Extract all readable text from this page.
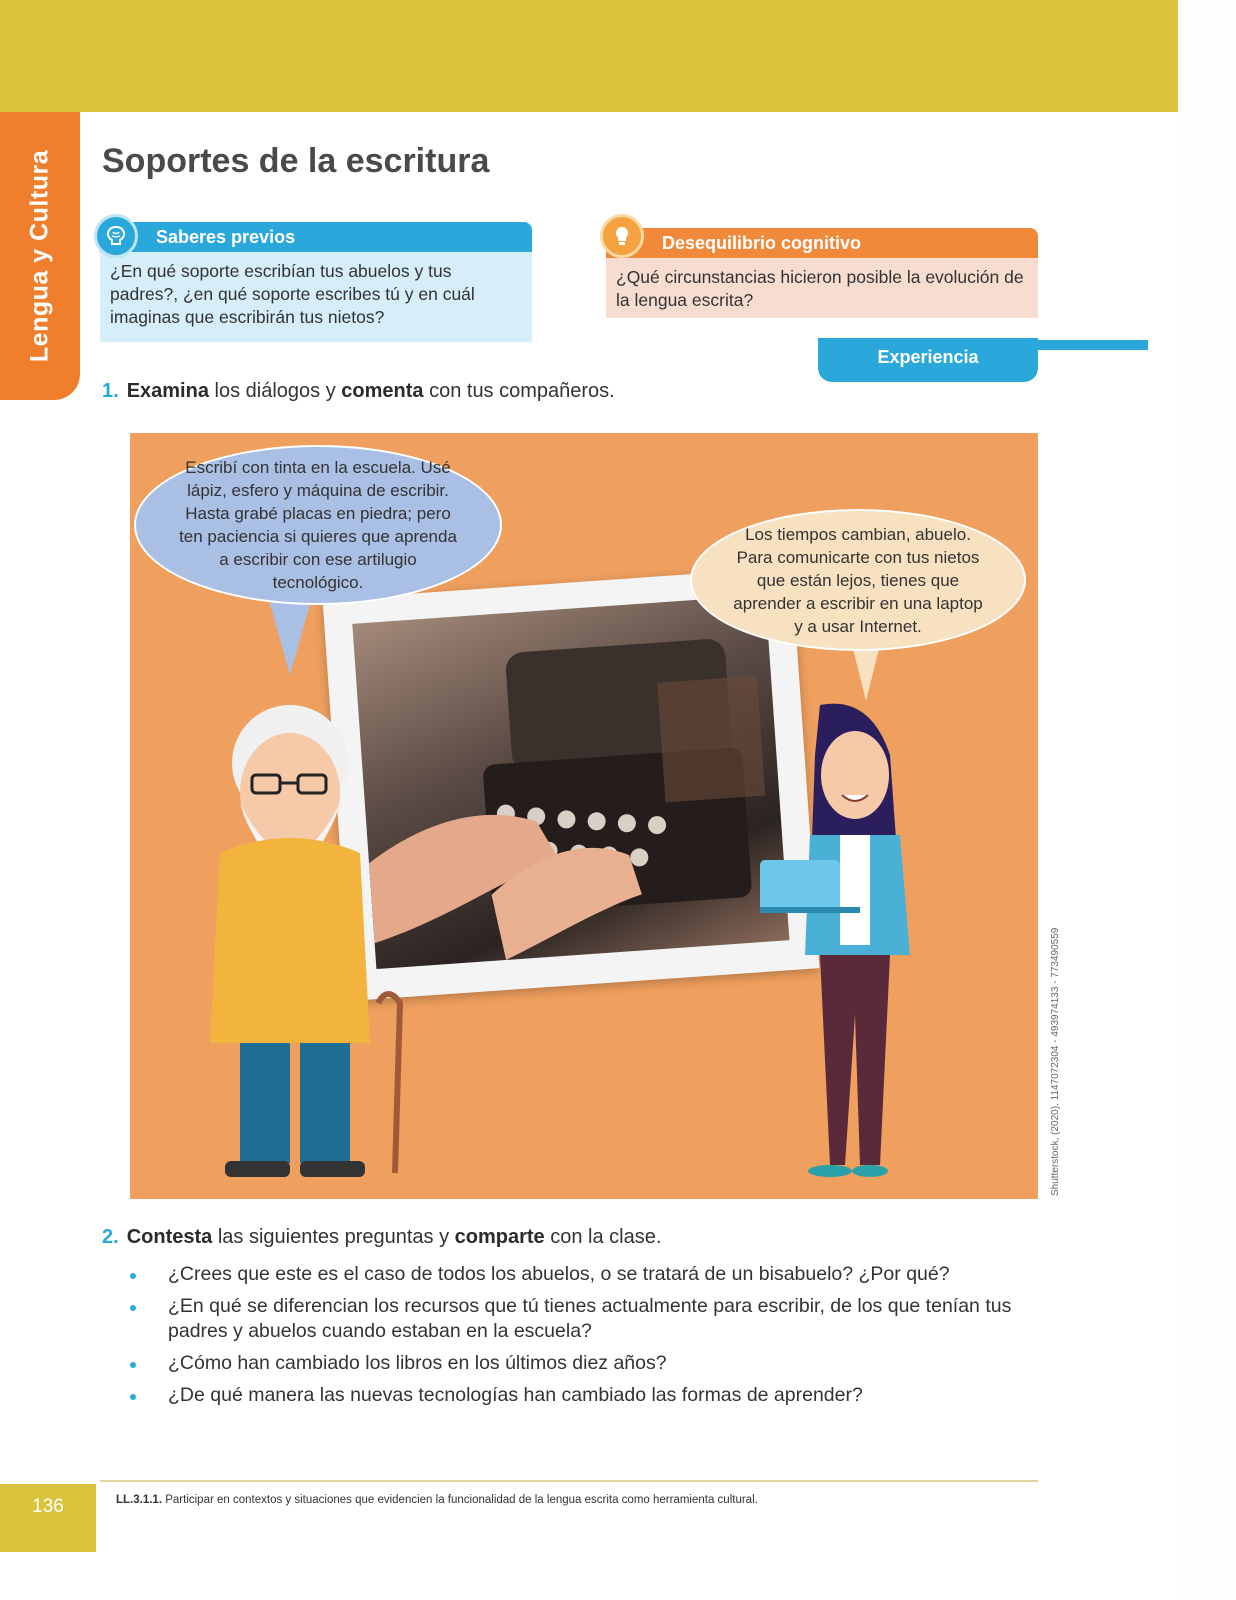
Lengua y Cultura Soportes de la escritura
Saberes previos
¿En qué soporte escribían tus abuelos y tus padres?, ¿en qué soporte escribes tú y en cuál imaginas que escribirán tus nietos?
Desequilibrio cognitivo
¿Qué circunstancias hicieron posible la evolución de la lengua escrita?
Experiencia
1. Examina los diálogos y comenta con tus compañeros.
Escribí con tinta en la escuela. Usé lápiz, esfero y máquina de escribir. Hasta grabé placas en piedra; pero ten paciencia si quieres que aprenda a escribir con ese artilugio tecnológico.
Los tiempos cambian, abuelo. Para comunicarte con tus nietos que están lejos, tienes que aprender a escribir en una laptop y a usar Internet.
Shutterstock, (2020). 1147072304 - 493974133 - 773490559
2. Contesta las siguientes preguntas y comparte con la clase.
¿Crees que este es el caso de todos los abuelos, o se tratará de un bisabuelo? ¿Por qué?
¿En qué se diferencian los recursos que tú tienes actualmente para escribir, de los que tenían tus padres y abuelos cuando estaban en la escuela?
¿Cómo han cambiado los libros en los últimos diez años?
¿De qué manera las nuevas tecnologías han cambiado las formas de aprender?
136	LL.3.1.1. Participar en contextos y situaciones que evidencien la funcionalidad de la lengua escrita como herramienta cultural.
